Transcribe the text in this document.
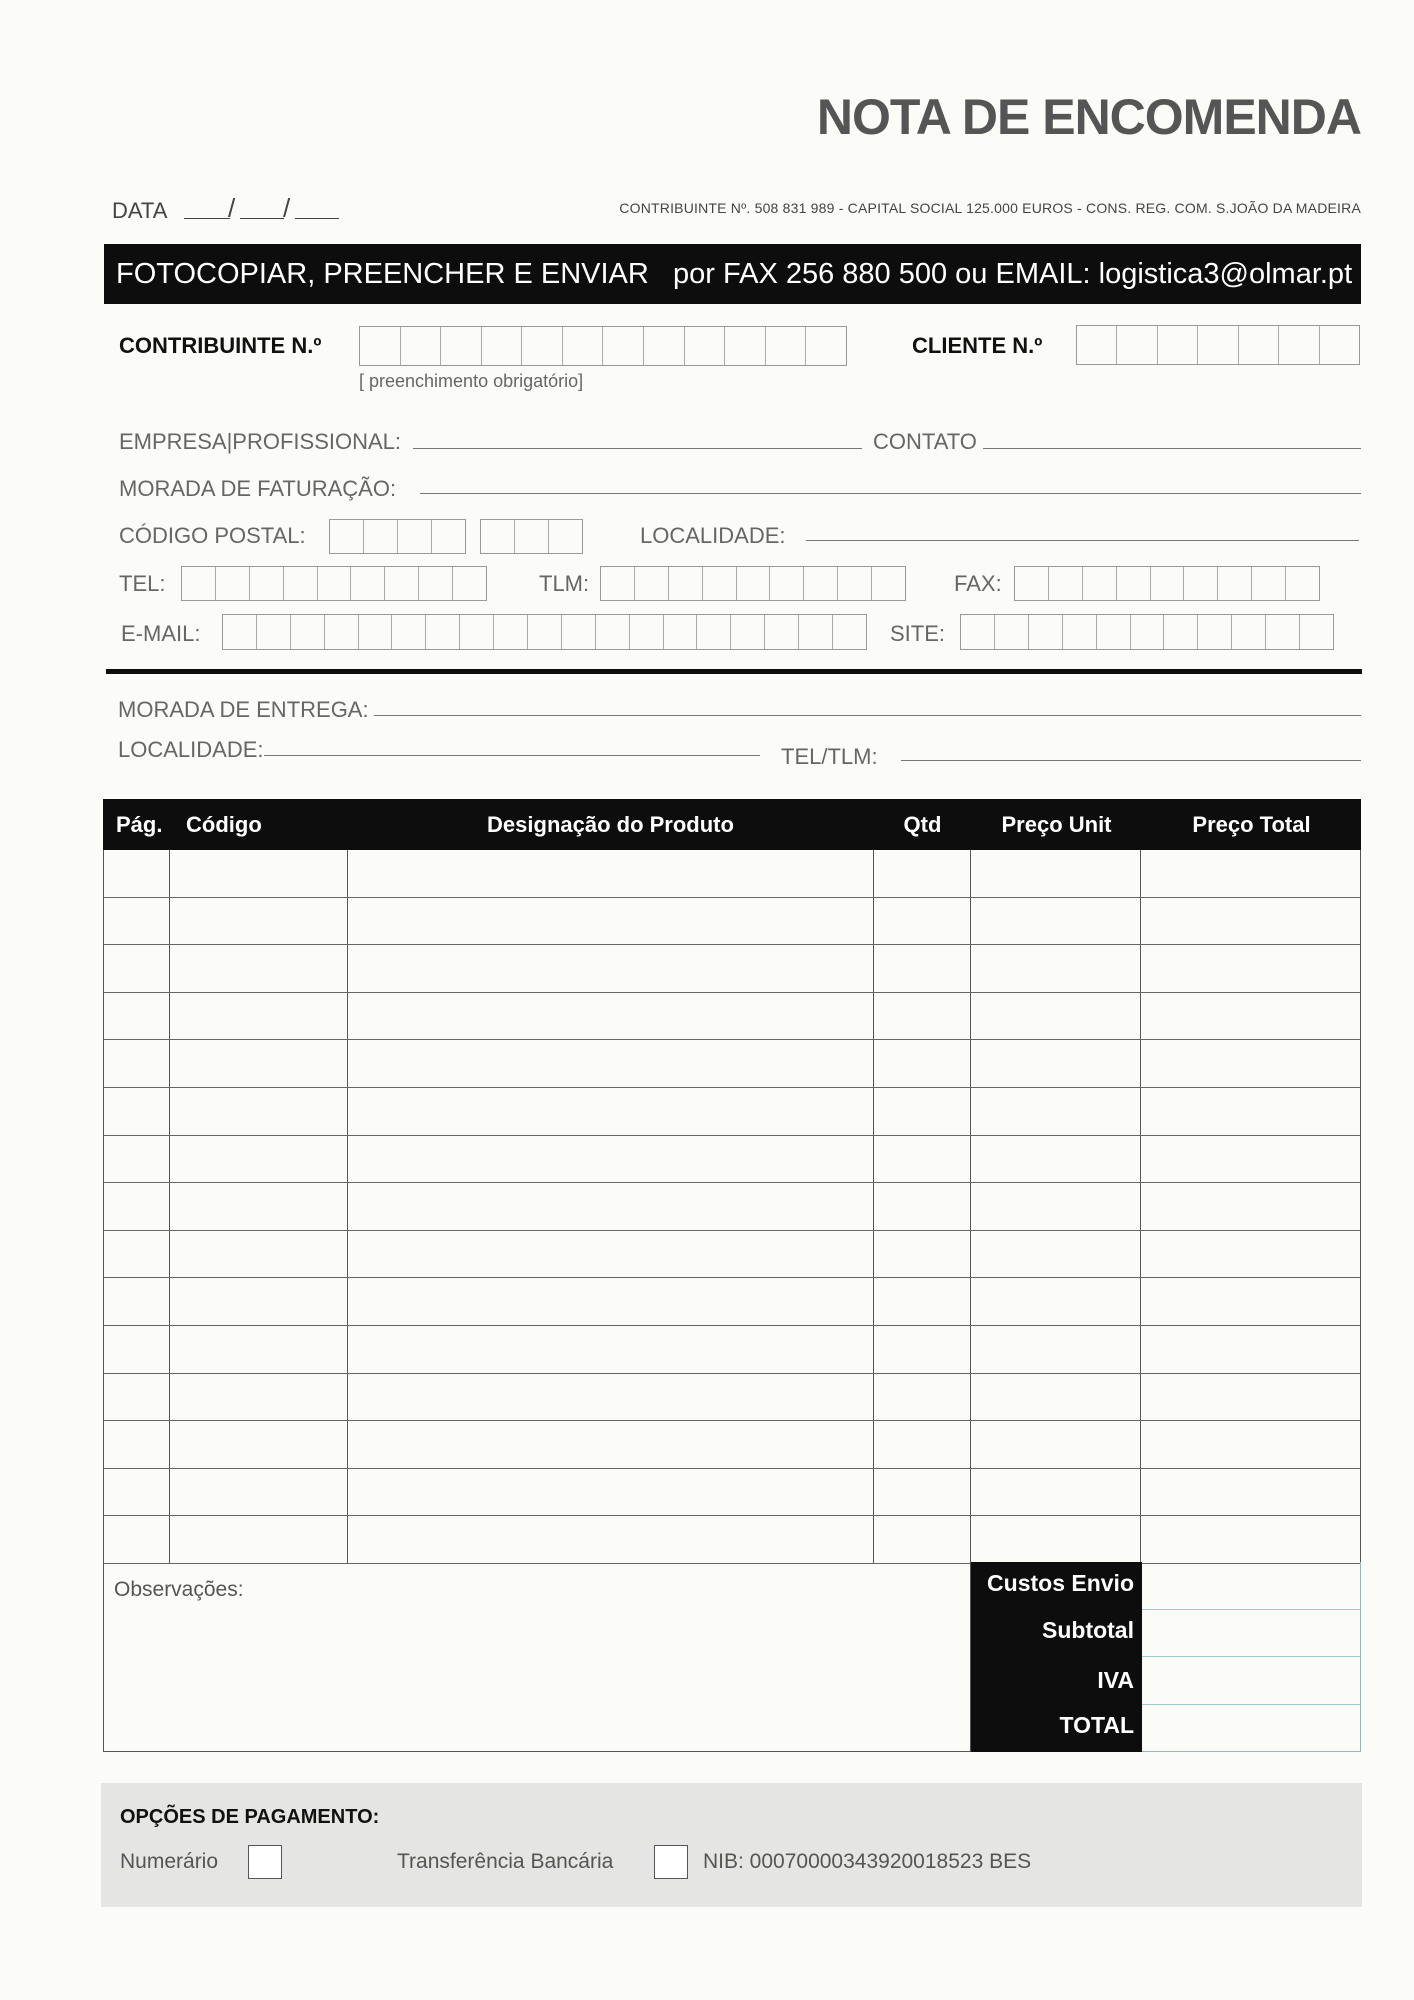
NOTA DE ENCOMENDA
DATA / /	CONTRIBUINTE Nº. 508 831 989 - CAPITAL SOCIAL 125.000 EUROS - CONS. REG. COM. S.JOÃO DA MADEIRA
FOTOCOPIAR, PREENCHER E ENVIAR por FAX 256 880 500 ou EMAIL: logistica3@olmar.pt
CONTRIBUINTE N.º
[ preenchimento obrigatório]
CLIENTE N.º
EMPRESA|PROFISSIONAL:	CONTATO
MORADA DE FATURAÇÃO:
CÓDIGO POSTAL:	LOCALIDADE:
TEL:	TLM:	FAX:
E-MAIL:	SITE:
MORADA DE ENTREGA:
LOCALIDADE:	TEL/TLM:
Pág.	Código	Designação do Produto	Qtd	Preço Unit	Preço Total
Observações:	Custos Envio
Subtotal
IVA
TOTAL
OPÇÕES DE PAGAMENTO:
Numerário	Transferência Bancária	NIB: 0007000034392001852​3 BES
